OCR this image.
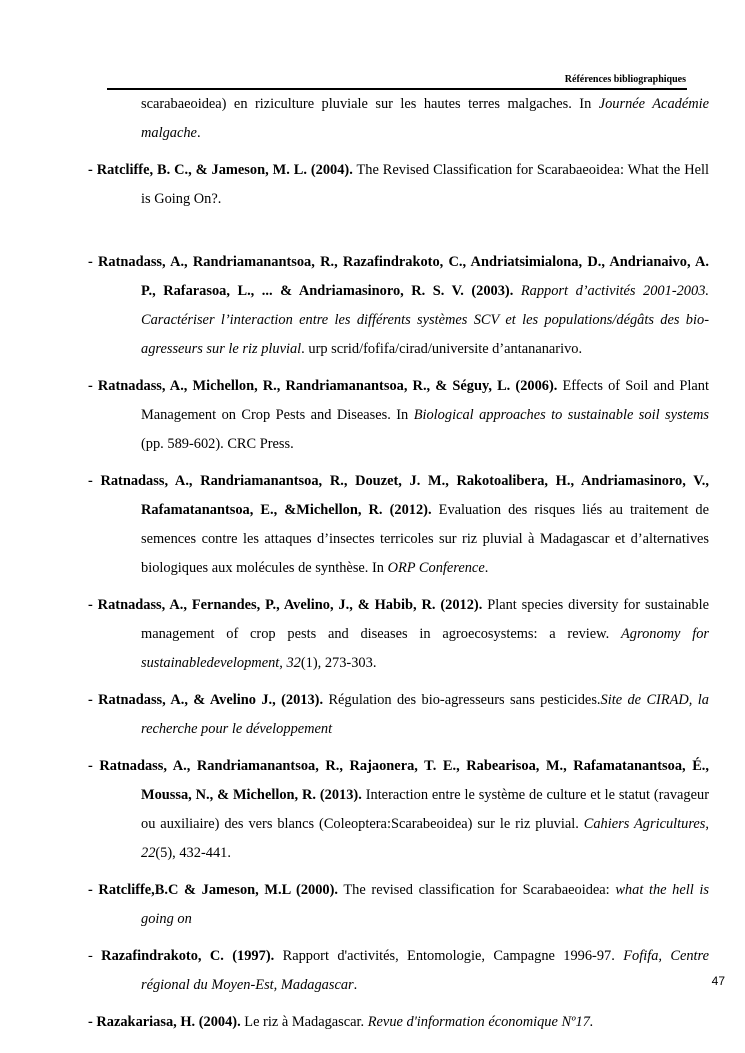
Références bibliographiques

scarabaeoidea) en riziculture pluviale sur les hautes terres malgaches. In Journée Académie malgache.

- Ratcliffe, B. C., & Jameson, M. L. (2004). The Revised Classification for Scarabaeoidea: What the Hell is Going On?.

- Ratnadass, A., Randriamanantsoa, R., Razafindrakoto, C., Andriatsimialona, D., Andrianaivo, A. P., Rafarasoa, L., ... & Andriamasinoro, R. S. V. (2003). Rapport d’activités 2001-2003. Caractériser l’interaction entre les différents systèmes SCV et les populations/dégâts des bio-agresseurs sur le riz pluvial. urp scrid/fofifa/cirad/universite d’antananarivo.

- Ratnadass, A., Michellon, R., Randriamanantsoa, R., & Séguy, L. (2006). Effects of Soil and Plant Management on Crop Pests and Diseases. In Biological approaches to sustainable soil systems (pp. 589-602). CRC Press.

- Ratnadass, A., Randriamanantsoa, R., Douzet, J. M., Rakotoalibera, H., Andriamasinoro, V., Rafamatanantsoa, E., &Michellon, R. (2012). Evaluation des risques liés au traitement de semences contre les attaques d’insectes terricoles sur riz pluvial à Madagascar et d’alternatives biologiques aux molécules de synthèse. In ORP Conference.

- Ratnadass, A., Fernandes, P., Avelino, J., & Habib, R. (2012). Plant species diversity for sustainable management of crop pests and diseases in agroecosystems: a review. Agronomy for sustainabledevelopment, 32(1), 273-303.

- Ratnadass, A., & Avelino J., (2013). Régulation des bio-agresseurs sans pesticides.Site de CIRAD, la recherche pour le développement

- Ratnadass, A., Randriamanantsoa, R., Rajaonera, T. E., Rabearisoa, M., Rafamatanantsoa, É., Moussa, N., & Michellon, R. (2013). Interaction entre le système de culture et le statut (ravageur ou auxiliaire) des vers blancs (Coleoptera:Scarabeoidea) sur le riz pluvial. Cahiers Agricultures, 22(5), 432-441.

- Ratcliffe,B.C & Jameson, M.L (2000). The revised classification for Scarabaeoidea: what the hell is going on

- Razafindrakoto, C. (1997). Rapport d'activités, Entomologie, Campagne 1996-97. Fofifa, Centre régional du Moyen-Est, Madagascar.

- Razakariasa, H. (2004). Le riz à Madagascar. Revue d'information économique Nº17.

47
